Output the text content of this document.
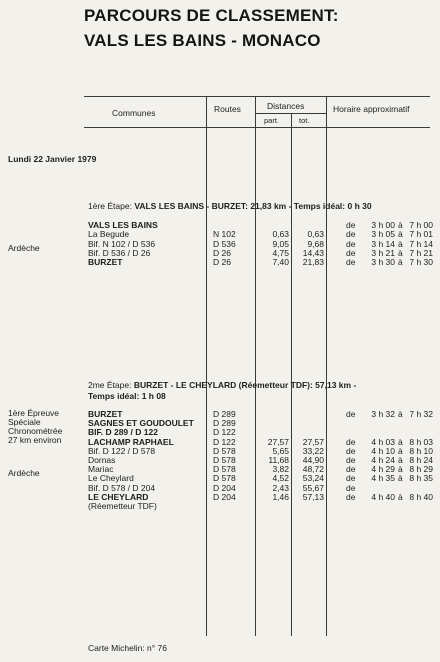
PARCOURS DE CLASSEMENT:
VALS LES BAINS - MONACO
Communes	Routes	Distances
part.	tot.
Horaire approximatif
Lundi 22 Janvier 1979
1ère Étape: VALS LES BAINS - BURZET: 21,83 km - Temps idéal: 0 h 30
Ardèche
VALS LES BAINS	de 3 h 00 à 7 h 00
La Begude	N 102	0,63 0,63	de 3 h 05 à 7 h 01
Bif. N 102 / D 536	D 536	9,05 9,68	de 3 h 14 à 7 h 14
Bif. D 536 / D 26	D 26	4,75 14,43	de 3 h 21 à 7 h 21
BURZET	D 26	7,40 21,83	de 3 h 30 à 7 h 30
2me Étape: BURZET - LE CHEYLARD (Réemetteur TDF): 57,13 km -
Temps idéal: 1 h 08
1ère Épreuve
Spéciale
Chronométrée
27 km environ
Ardèche
BURZET	D 289	de 3 h 32 à 7 h 32
SAGNES ET GOUDOULET D 289
BIF. D 289 / D 122	D 122
LACHAMP RAPHAEL	D 122	27,57 27,57	de 4 h 03 à 8 h 03
Bif. D 122 / D 578	D 578	5,65 33,22	de 4 h 10 à 8 h 10
Dornas	D 578	11,68 44,90	de 4 h 24 à 8 h 24
Mariac	D 578	3,82 48,72	de 4 h 29 à 8 h 29
Le Cheylard	D 578	4,52 53,24	de 4 h 35 à 8 h 35
Bif. D 578 / D 204	D 204	2,43 55,67	de
LE CHEYLARD	D 204	1,46 57,13	de 4 h 40 à 8 h 40
(Réemetteur TDF)
Carte Michelin: n° 76
